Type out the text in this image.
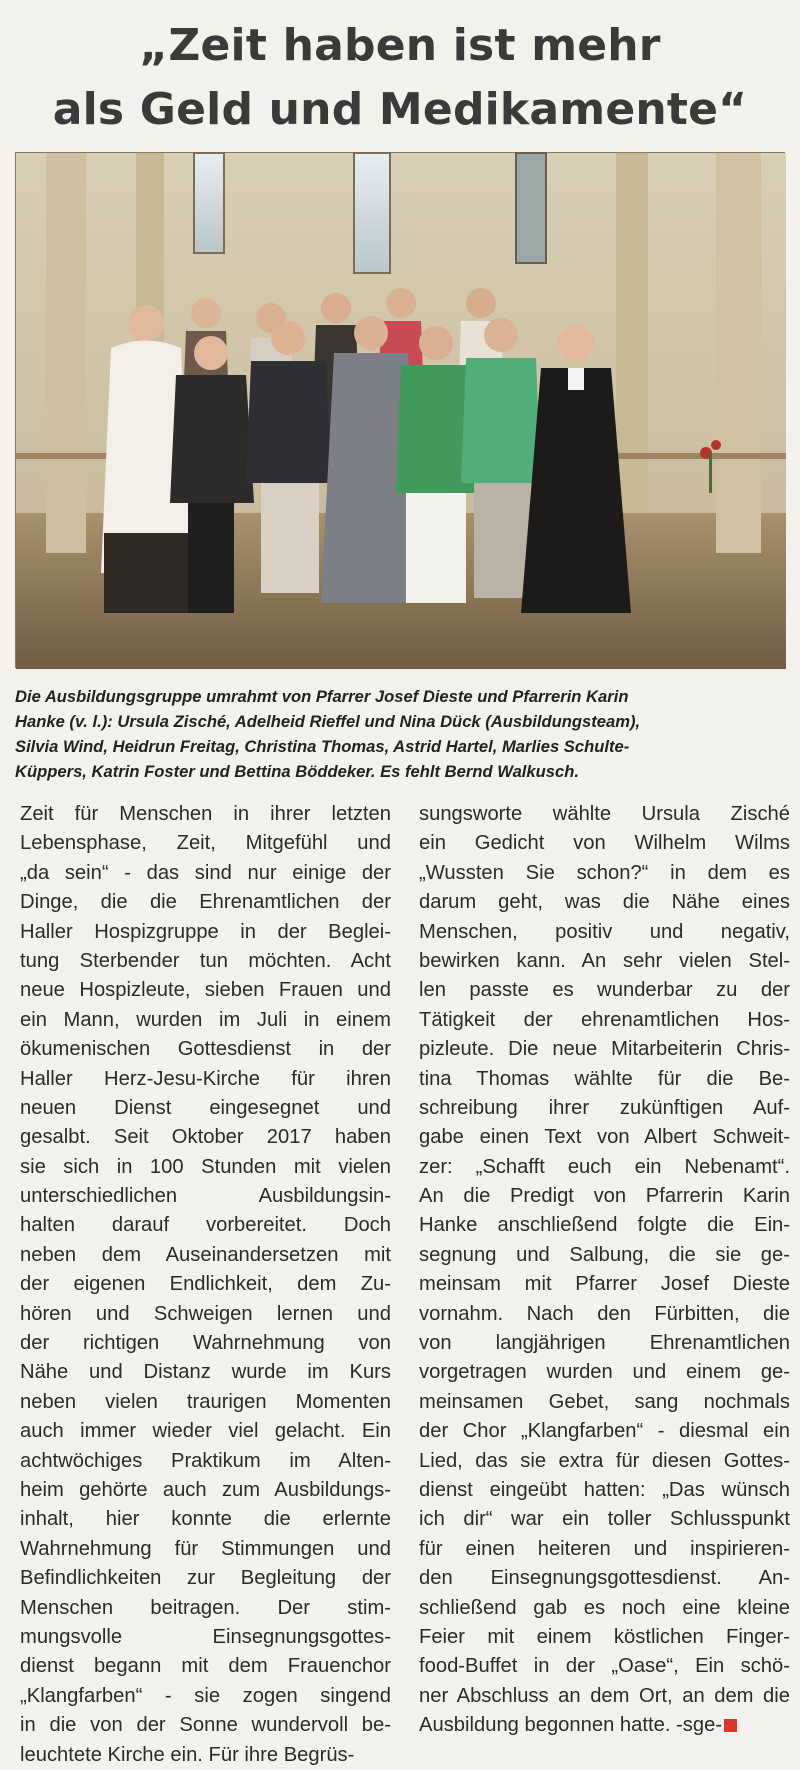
„Zeit haben ist mehr
als Geld und Medikamente“
Die Ausbildungsgruppe umrahmt von Pfarrer Josef Dieste und Pfarrerin Karin
Hanke (v. l.): Ursula Zisché, Adelheid Rieffel und Nina Dück (Ausbildungsteam),
Silvia Wind, Heidrun Freitag, Christina Thomas, Astrid Hartel, Marlies Schulte-
Küppers, Katrin Foster und Bettina Böddeker. Es fehlt Bernd Walkusch.
Zeit für Menschen in ihrer letzten
Lebensphase, Zeit, Mitgefühl und
„da sein“ - das sind nur einige der
Dinge, die die Ehrenamtlichen der
Haller Hospizgruppe in der Beglei-
tung Sterbender tun möchten. Acht
neue Hospizleute, sieben Frauen und
ein Mann, wurden im Juli in einem
ökumenischen Gottesdienst in der
Haller Herz-Jesu-Kirche für ihren
neuen Dienst eingesegnet und
gesalbt. Seit Oktober 2017 haben
sie sich in 100 Stunden mit vielen
unterschiedlichen Ausbildungsin-
halten darauf vorbereitet. Doch
neben dem Auseinandersetzen mit
der eigenen Endlichkeit, dem Zu-
hören und Schweigen lernen und
der richtigen Wahrnehmung von
Nähe und Distanz wurde im Kurs
neben vielen traurigen Momenten
auch immer wieder viel gelacht. Ein
achtwöchiges Praktikum im Alten-
heim gehörte auch zum Ausbildungs-
inhalt, hier konnte die erlernte
Wahrnehmung für Stimmungen und
Befindlichkeiten zur Begleitung der
Menschen beitragen. Der stim-
mungsvolle Einsegnungsgottes-
dienst begann mit dem Frauenchor
„Klangfarben“ - sie zogen singend
in die von der Sonne wundervoll be-
leuchtete Kirche ein. Für ihre Begrüs-
sungsworte wählte Ursula Zisché
ein Gedicht von Wilhelm Wilms
„Wussten Sie schon?“ in dem es
darum geht, was die Nähe eines
Menschen, positiv und negativ,
bewirken kann. An sehr vielen Stel-
len passte es wunderbar zu der
Tätigkeit der ehrenamtlichen Hos-
pizleute. Die neue Mitarbeiterin Chris-
tina Thomas wählte für die Be-
schreibung ihrer zukünftigen Auf-
gabe einen Text von Albert Schweit-
zer: „Schafft euch ein Nebenamt“.
An die Predigt von Pfarrerin Karin
Hanke anschließend folgte die Ein-
segnung und Salbung, die sie ge-
meinsam mit Pfarrer Josef Dieste
vornahm. Nach den Fürbitten, die
von langjährigen Ehrenamtlichen
vorgetragen wurden und einem ge-
meinsamen Gebet, sang nochmals
der Chor „Klangfarben“ - diesmal ein
Lied, das sie extra für diesen Gottes-
dienst eingeübt hatten: „Das wünsch
ich dir“ war ein toller Schlusspunkt
für einen heiteren und inspirieren-
den Einsegnungsgottesdienst. An-
schließend gab es noch eine kleine
Feier mit einem köstlichen Finger-
food-Buffet in der „Oase“, Ein schö-
ner Abschluss an dem Ort, an dem die
Ausbildung begonnen hatte. -sge-
